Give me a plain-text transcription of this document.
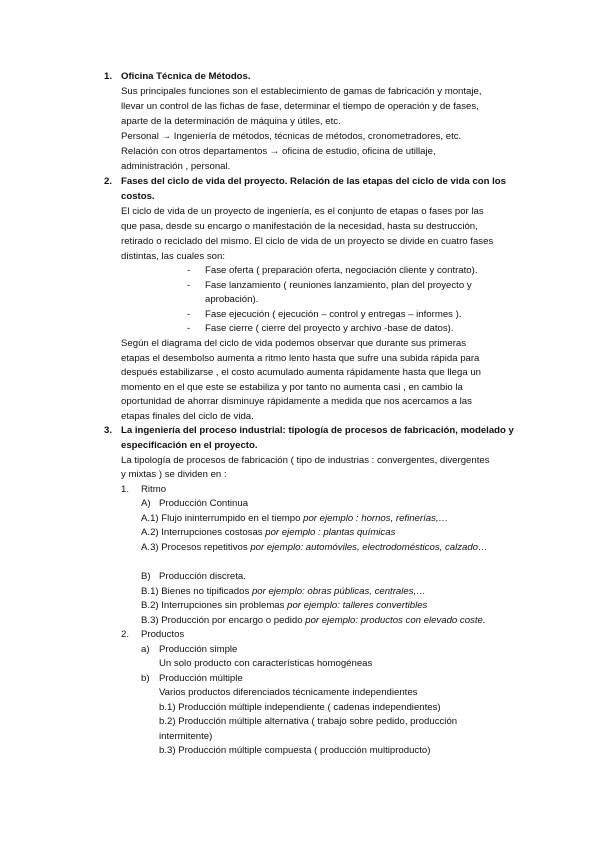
1. Oficina Técnica de Métodos.
Sus principales funciones son el establecimiento de gamas de fabricación y montaje,
llevar un control de las fichas de fase, determinar el tiempo de operación y de fases,
aparte de la determinación de máquina y útiles, etc.
Personal → Ingeniería de métodos, técnicas de métodos, cronometradores, etc.
Relación con otros departamentos → oficina de estudio, oficina de utillaje,
administración , personal.
2. Fases del ciclo de vida del proyecto. Relación de las etapas del ciclo de vida con los
costos.
El ciclo de vida de un proyecto de ingeniería, es el conjunto de etapas o fases por las
que pasa, desde su encargo o manifestación de la necesidad, hasta su destrucción,
retirado o reciclado del mismo. El ciclo de vida de un proyecto se divide en cuatro fases
distintas, las cuales son:
- Fase oferta ( preparación oferta, negociación cliente y contrato).
- Fase lanzamiento ( reuniones lanzamiento, plan del proyecto y
aprobación).
- Fase ejecución ( ejecución – control y entregas – informes ).
- Fase cierre ( cierre del proyecto y archivo -base de datos).
Según el diagrama del ciclo de vida podemos observar que durante sus primeras
etapas el desembolso aumenta a ritmo lento hasta que sufre una subida rápida para
después estabilizarse , el costo acumulado aumenta rápidamente hasta que llega un
momento en el que este se estabiliza y por tanto no aumenta casi , en cambio la
oportunidad de ahorrar disminuye rápidamente a medida que nos acercamos a las
etapas finales del ciclo de vida.
3. La ingeniería del proceso industrial: tipología de procesos de fabricación, modelado y
especificación en el proyecto.
La tipología de procesos de fabricación ( tipo de industrias : convergentes, divergentes
y mixtas ) se dividen en :
1. Ritmo
A) Producción Continua
A.1) Flujo ininterrumpido en el tiempo por ejemplo : hornos, refinerías,…
A.2) Interrupciones costosas por ejemplo : plantas químicas
A.3) Procesos repetitivos por ejemplo: automóviles, electrodomésticos, calzado…
B) Producción discreta.
B.1) Bienes no tipificados por ejemplo: obras públicas, centrales,…
B.2) Interrupciones sin problemas por ejemplo: talleres convertibles
B.3) Producción por encargo o pedido por ejemplo: productos con elevado coste.
2. Productos
a) Producción simple
Un solo producto con características homogéneas
b) Producción múltiple
Varios productos diferenciados técnicamente independientes
b.1) Producción múltiple independiente ( cadenas independientes)
b.2) Producción múltiple alternativa ( trabajo sobre pedido, producción
intermitente)
b.3) Producción múltiple compuesta ( producción multiproducto)
